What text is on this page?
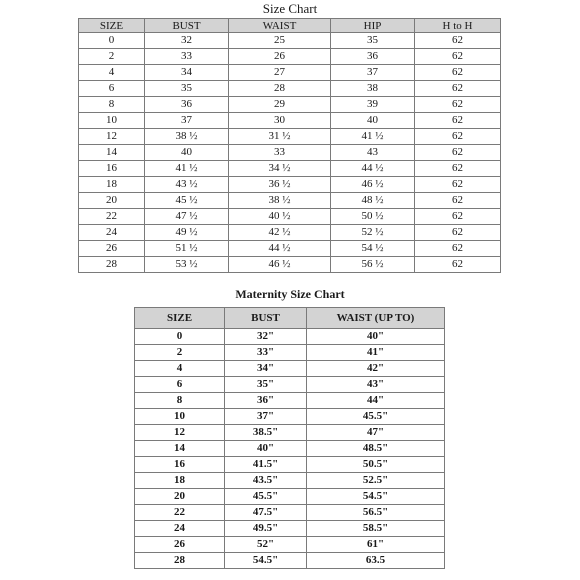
Size Chart
SIZE	BUST	WAIST	HIP	H to H
0	32	25	35	62
2	33	26	36	62
4	34	27	37	62
6	35	28	38	62
8	36	29	39	62
10	37	30	40	62
12	38 ½	31 ½	41 ½	62
14	40	33	43	62
16	41 ½	34 ½	44 ½	62
18	43 ½	36 ½	46 ½	62
20	45 ½	38 ½	48 ½	62
22	47 ½	40 ½	50 ½	62
24	49 ½	42 ½	52 ½	62
26	51 ½	44 ½	54 ½	62
28	53 ½	46 ½	56 ½	62
Maternity Size Chart
SIZE	BUST	WAIST (UP TO)
0	32"	40"
2	33"	41"
4	34"	42"
6	35"	43"
8	36"	44"
10	37"	45.5"
12	38.5"	47"
14	40"	48.5"
16	41.5"	50.5"
18	43.5"	52.5"
20	45.5"	54.5"
22	47.5"	56.5"
24	49.5"	58.5"
26	52"	61"
28	54.5"	63.5
